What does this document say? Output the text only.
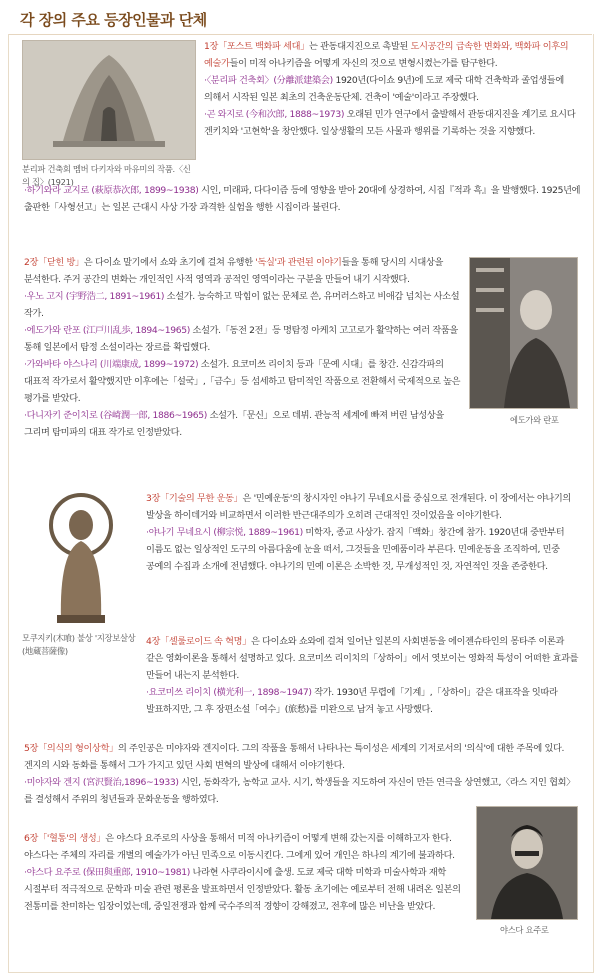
각 장의 주요 등장인물과 단체
분리파 건축회 멤버 다키자와 마유미의 작품.〈신의 집〉(1921)

1장「포스트 백화파 세대」는 관동대지진으로 촉발된 도시공간의 급속한 변화와, 백화파 이후의 예술가들이 미적 아나키즘을 어떻게 자신의 것으로 변형시켰는가를 탐구한다.

·〈분리파 건축회〉(分離派建築会) 1920년(다이쇼 9년)에 도쿄 제국 대학 건축학과 졸업생들에 의해서 시작된 일본 최초의 건축운동단체. 건축이 '예술'이라고 주장했다.

·곤 와지로 (今和次郎, 1888~1973) 오래된 민가 연구에서 출발해서 관동대지진을 계기로 요시다 겐키치와 '고현학'을 창안했다. 일상생활의 모든 사물과 행위를 기록하는 것을 지향했다.

·하기와라 교지로 (萩原恭次郎, 1899~1938) 시인, 미래파, 다다이즘 등에 영향을 받아 20대에 상경하여, 시집『적과 흑』을 발행했다. 1925년에 출판한「사형선고」는 일본 근대시 사상 가장 과격한 실험을 행한 시집이라 불린다.

2장「닫힌 방」은 다이쇼 말기에서 쇼와 초기에 걸쳐 유행한 '독실'과 관련된 이야기들을 통해 당시의 시대상을 분석한다. 주거 공간의 변화는 개인적인 사적 영역과 공적인 영역이라는 구분을 만들어 내기 시작했다.

·우노 고지 (宇野浩二, 1891~1961) 소설가. 능숙하고 막힘이 없는 문체로 쓴, 유머러스하고 비애감 넘치는 사소설 작가.

·에도가와 란포 (江戸川乱歩, 1894~1965) 소설가.「동전 2전」등 명탐정 아케치 고고로가 활약하는 여러 작품을 통해 일본에서 탐정 소설이라는 장르를 확립했다.

·가와바타 야스나리 (川端康成, 1899~1972) 소설가. 요코미쓰 리이치 등과「문예 시대」를 창간. 신감각파의 대표적 작가로서 활약했지만 이후에는「설국」,「금수」등 섬세하고 탐미적인 작품으로 전환해서 국제적으로 높은 평가를 받았다.

·다니자키 준이치로 (谷崎潤一郎, 1886~1965) 소설가.「문신」으로 데뷔. 관능적 세계에 빠져 버린 남성상을 그리며 탐미파의 대표 작가로 인정받았다.

에도가와 란포
모쿠지키(木喰) 불상 '지장보살상(地蔵菩薩像)

3장「기술의 무한 운동」은 '민예운동'의 창시자인 야나기 무네요시를 중심으로 전개된다. 이 장에서는 야나기의 발상을 하이데거와 비교하면서 이러한 반근대주의가 오히려 근대적인 것이었음을 이야기한다.

·야나기 무네요시 (柳宗悦, 1889~1961) 미학자, 종교 사상가. 잡지「백화」창간에 참가. 1920년대 중반부터 이름도 없는 일상적인 도구의 아름다움에 눈을 떠서, 그것들을 민예품이라 부른다. 민예운동을 조직하여, 민중 공예의 수집과 소개에 전념했다. 야나기의 민예 이론은 소박한 것, 무개성적인 것, 자연적인 것을 존중한다.

4장「셀룰로이드 속 혁명」은 다이쇼와 쇼와에 걸쳐 일어난 일본의 사회변동을 에이젠슈타인의 몽타주 이론과 같은 영화이론을 통해서 설명하고 있다. 요코미쓰 리이치의「상하이」에서 엿보이는 영화적 특성이 어떠한 효과를 만들어 내는지 분석한다.

·요코미쓰 리이치 (横光利一, 1898~1947) 작가. 1930년 무렵에「기계」,「상하이」같은 대표작을 잇따라 발표하지만, 그 후 장편소설「여수」(旅愁)를 미완으로 남겨 놓고 사망했다.

5장「의식의 형이상학」의 주인공은 미야자와 겐지이다. 그의 작품을 통해서 나타나는 특이성은 세계의 기저로서의 '의식'에 대한 주목에 있다. 겐지의 시와 동화를 통해서 그가 가지고 있던 사회 변혁의 발상에 대해서 이야기한다.

·미야자와 겐지 (宮沢賢治,1896~1933) 시인, 동화작가, 농학교 교사. 시기, 학생들을 지도하여 자신이 만든 연극을 상연했고,〈라스 지인 협회〉를 결성해서 주위의 청년들과 문화운동을 행하였다.

6장「'혈통'의 생성」은 야스다 요주로의 사상을 통해서 미적 아나키즘이 어떻게 변해 갔는지를 이해하고자 한다. 야스다는 주체의 자리를 개별의 예술가가 아닌 민족으로 이동시킨다. 그에게 있어 개인은 하나의 계기에 불과하다.

·야스다 요주로 (保田與重郎, 1910~1981) 나라현 사쿠라이시에 출생. 도쿄 제국 대학 미학과 미술사학과 재학 시절부터 적극적으로 문학과 미술 관련 평론을 발표하면서 인정받았다. 활동 초기에는 예로부터 전해 내려온 일본의 전통미를 찬미하는 입장이었는데, 중일전쟁과 함께 국수주의적 경향이 강해졌고, 전후에 많은 비난을 받았다.

야스다 요주로
